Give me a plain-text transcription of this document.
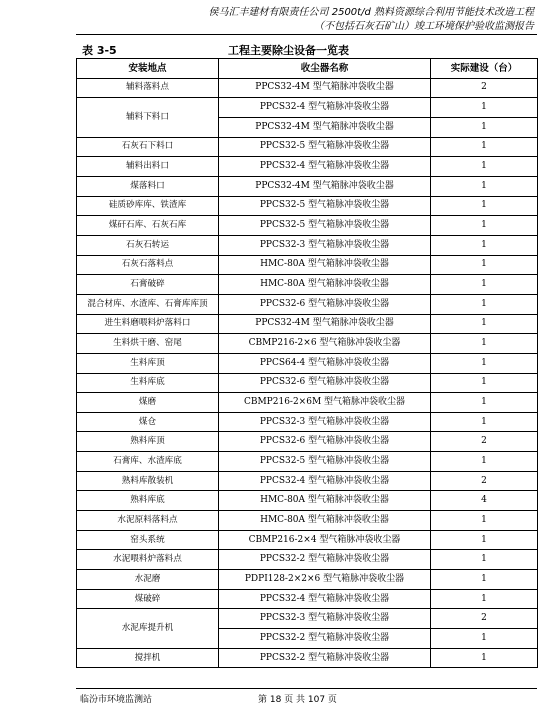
侯马汇丰建材有限责任公司 2500t/d 熟料资源综合利用节能技术改造工程
（不包括石灰石矿山）竣工环境保护验收监测报告
表 3-5	工程主要除尘设备一览表
安装地点	收尘器名称	实际建设（台）
辅料落料点	PPCS32-4M 型气箱脉冲袋收尘器	2
辅料下料口	PPCS32-4 型气箱脉冲袋收尘器	1
	PPCS32-4M 型气箱脉冲袋收尘器	1
石灰石下料口	PPCS32-5 型气箱脉冲袋收尘器	1
辅料出料口	PPCS32-4 型气箱脉冲袋收尘器	1
煤落料口	PPCS32-4M 型气箱脉冲袋收尘器	1
硅质砂库库、铁渣库	PPCS32-5 型气箱脉冲袋收尘器	1
煤矸石库、石灰石库	PPCS32-5 型气箱脉冲袋收尘器	1
石灰石转运	PPCS32-3 型气箱脉冲袋收尘器	1
石灰石落料点	HMC-80A 型气箱脉冲袋收尘器	1
石膏破碎	HMC-80A 型气箱脉冲袋收尘器	1
混合材库、水渣库、石膏库库顶	PPCS32-6 型气箱脉冲袋收尘器	1
进生料磨喂料炉落料口	PPCS32-4M 型气箱脉冲袋收尘器	1
生料烘干磨、窑尾	CBMP216-2×6 型气箱脉冲袋收尘器	1
生料库顶	PPCS64-4 型气箱脉冲袋收尘器	1
生料库底	PPCS32-6 型气箱脉冲袋收尘器	1
煤磨	CBMP216-2×6M 型气箱脉冲袋收尘器	1
煤仓	PPCS32-3 型气箱脉冲袋收尘器	1
熟料库顶	PPCS32-6 型气箱脉冲袋收尘器	2
石膏库、水渣库底	PPCS32-5 型气箱脉冲袋收尘器	1
熟料库散装机	PPCS32-4 型气箱脉冲袋收尘器	2
熟料库底	HMC-80A 型气箱脉冲袋收尘器	4
水泥原料落料点	HMC-80A 型气箱脉冲袋收尘器	1
窑头系统	CBMP216-2×4 型气箱脉冲袋收尘器	1
水泥喂料炉落料点	PPCS32-2 型气箱脉冲袋收尘器	1
水泥磨	PDPI128-2×2×6 型气箱脉冲袋收尘器	1
煤破碎	PPCS32-4 型气箱脉冲袋收尘器	1
水泥库提升机	PPCS32-3 型气箱脉冲袋收尘器	2
	PPCS32-2 型气箱脉冲袋收尘器	1
搅拌机	PPCS32-2 型气箱脉冲袋收尘器	1
临汾市环境监测站	第 18 页 共 107 页
